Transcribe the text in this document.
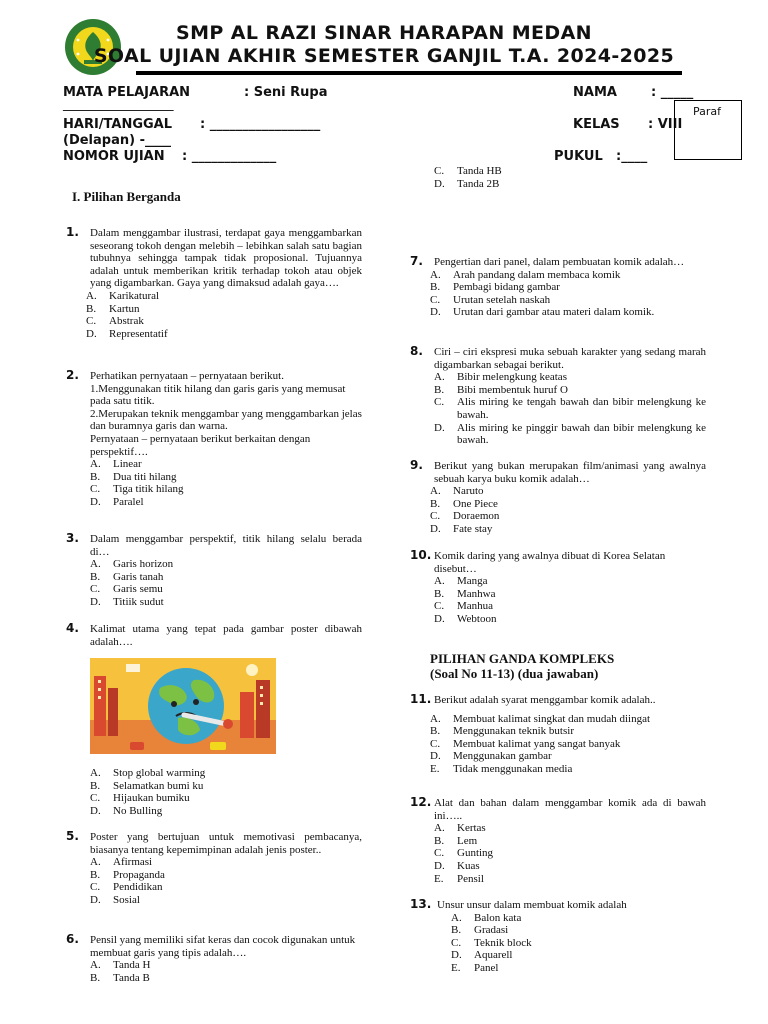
SMP AL RAZI SINAR HARAPAN MEDAN
SOAL UJIAN AKHIR SEMESTER GANJIL T.A. 2024-2025
MATA PELAJARAN	: Seni Rupa
_________________
HARI/TANGGAL : _________________
(Delapan) -____
NOMOR UJIAN : _____________
NAMA	: _____
KELAS : VIII
PUKUL :____
Paraf
I. Pilihan Berganda
PILIHAN GANDA KOMPLEKS
(Soal No 11-13) (dua jawaban)
1. Dalam menggambar ilustrasi, terdapat gaya menggambarkan seseorang tokoh dengan melebih – lebihkan salah satu bagian tubuhnya sehingga tampak tidak proposional. Tujuannya adalah untuk memberikan kritik terhadap tokoh atau objek yang digambarkan. Gaya yang dimaksud adalah gaya….
A.	Karikatural
B.	Kartun
C.	Abstrak
D.	Representatif
2. Perhatikan pernyataan – pernyataan berikut.
1.Menggunakan titik hilang dan garis garis yang memusat pada satu titik.
2.Merupakan teknik menggambar yang menggambarkan jelas dan buramnya garis dan warna.
Pernyataan – pernyataan berikut berkaitan dengan perspektif….
A.	Linear
B.	Dua titi hilang
C.	Tiga titik hilang
D.	Paralel
3. Dalam menggambar perspektif, titik hilang selalu berada di…
A.	Garis horizon
B.	Garis tanah
C.	Garis semu
D.	Titiik sudut
4. Kalimat utama yang tepat pada gambar poster dibawah adalah….
A.	Stop global warming
B.	Selamatkan bumi ku
C.	Hijaukan bumiku
D.	No Bulling
5. Poster yang bertujuan untuk memotivasi pembacanya, biasanya tentang kepemimpinan adalah jenis poster..
A.	Afirmasi
B.	Propaganda
C.	Pendidikan
D.	Sosial
6. Pensil yang memiliki sifat keras dan cocok digunakan untuk membuat garis yang tipis adalah….
A.	Tanda H
B.	Tanda B
C.	Tanda HB
D.	Tanda 2B
7. Pengertian dari panel, dalam pembuatan komik adalah…
A.	Arah pandang dalam membaca komik
B.	Pembagi bidang gambar
C.	Urutan setelah naskah
D.	Urutan dari gambar atau materi dalam komik.
8. Ciri – ciri ekspresi muka sebuah karakter yang sedang marah digambarkan sebagai berikut.
A.	Bibir melengkung keatas
B.	Bibi membentuk huruf O
C.	Alis miring ke tengah bawah dan bibir melengkung ke bawah.
D.	Alis miring ke pinggir bawah dan bibir melengkung ke bawah.
9. Berikut yang bukan merupakan film/animasi yang awalnya sebuah karya buku komik adalah…
A.	Naruto
B.	One Piece
C.	Doraemon
D.	Fate stay
10. Komik daring yang awalnya dibuat di Korea Selatan disebut…
A.	Manga
B.	Manhwa
C.	Manhua
D.	Webtoon
11. Berikut adalah syarat menggambar komik adalah..
A.	Membuat kalimat singkat dan mudah diingat
B.	Menggunakan teknik butsir
C.	Membuat kalimat yang sangat banyak
D.	Menggunakan gambar
E.	Tidak menggunakan media
12. Alat dan bahan dalam menggambar komik ada di bawah ini…..
A.	Kertas
B.	Lem
C.	Gunting
D.	Kuas
E.	Pensil
13. Unsur unsur dalam membuat komik adalah
A.	Balon kata
B.	Gradasi
C.	Teknik block
D.	Aquarell
E.	Panel
